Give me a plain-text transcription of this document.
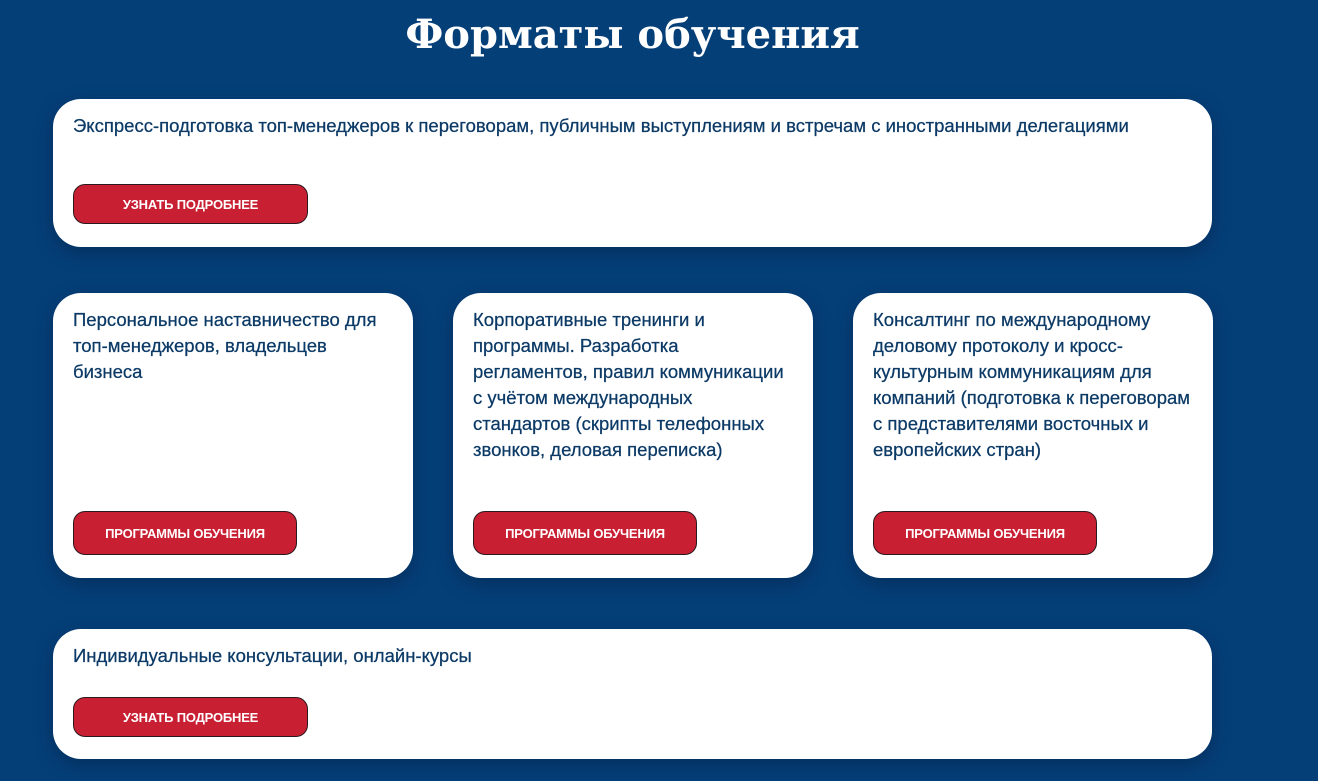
Форматы обучения

Экспресс-подготовка топ-менеджеров к переговорам, публичным выступлениям и встречам с иностранными делегациями

УЗНАТЬ ПОДРОБНЕЕ

Персональное наставничество для топ-менеджеров, владельцев бизнеса

ПРОГРАММЫ ОБУЧЕНИЯ

Корпоративные тренинги и программы. Разработка регламентов, правил коммуникации с учётом международных стандартов (скрипты телефонных звонков, деловая переписка)

ПРОГРАММЫ ОБУЧЕНИЯ

Консалтинг по международному деловому протоколу и кросс-культурным коммуникациям для компаний (подготовка к переговорам с представителями восточных и европейских стран)

ПРОГРАММЫ ОБУЧЕНИЯ

Индивидуальные консультации, онлайн-курсы

УЗНАТЬ ПОДРОБНЕЕ
